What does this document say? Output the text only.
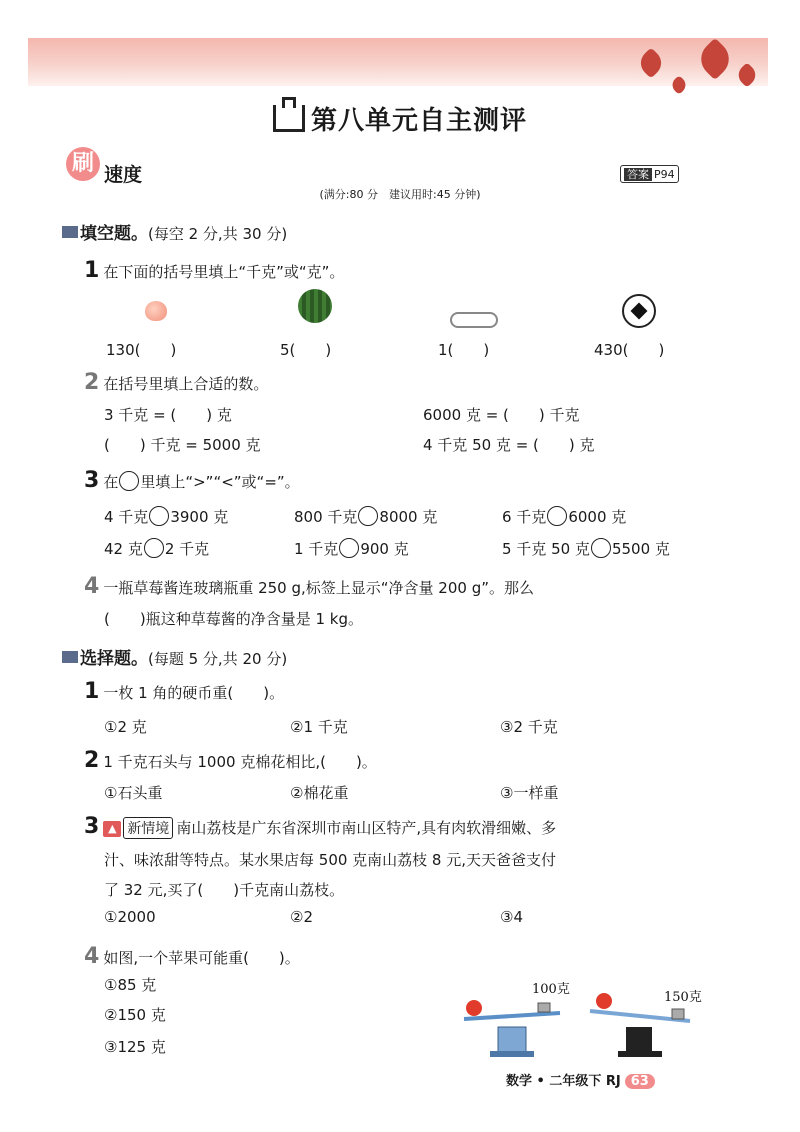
第八单元自主测评
刷 速度	答案 P94
(满分:80 分　建议用时:45 分钟)
填空题。(每空 2 分,共 30 分)
1 在下面的括号里填上“千克”或“克”。
130(　　)	5(　　)	1(　　)	430(　　)
2 在括号里填上合适的数。
3 千克 = (　　) 克	6000 克 = (　　) 千克
(　　) 千克 = 5000 克	4 千克 50 克 = (　　) 克
3 在 里填上“>”“<”或“=”。
4 千克 3900 克	800 千克 8000 克	6 千克 6000 克
42 克 2 千克	1 千克 900 克	5 千克 50 克 5500 克
4 一瓶草莓酱连玻璃瓶重 250 g,标签上显示“净含量 200 g”。那么
(　　)瓶这种草莓酱的净含量是 1 kg。
选择题。(每题 5 分,共 20 分)
1 一枚 1 角的硬币重(　　)。
①2 克	②1 千克	③2 千克
2 1 千克石头与 1000 克棉花相比,(　　)。
①石头重	②棉花重	③一样重
3 ▲ 新情境 南山荔枝是广东省深圳市南山区特产,具有肉软滑细嫩、多
汁、味浓甜等特点。某水果店每 500 克南山荔枝 8 元,天天爸爸支付
了 32 元,买了(　　)千克南山荔枝。
①2000	②2	③4
4 如图,一个苹果可能重(　　)。
①85 克
②150 克
③125 克
100克
150克
数学 • 二年级下 RJ 63
